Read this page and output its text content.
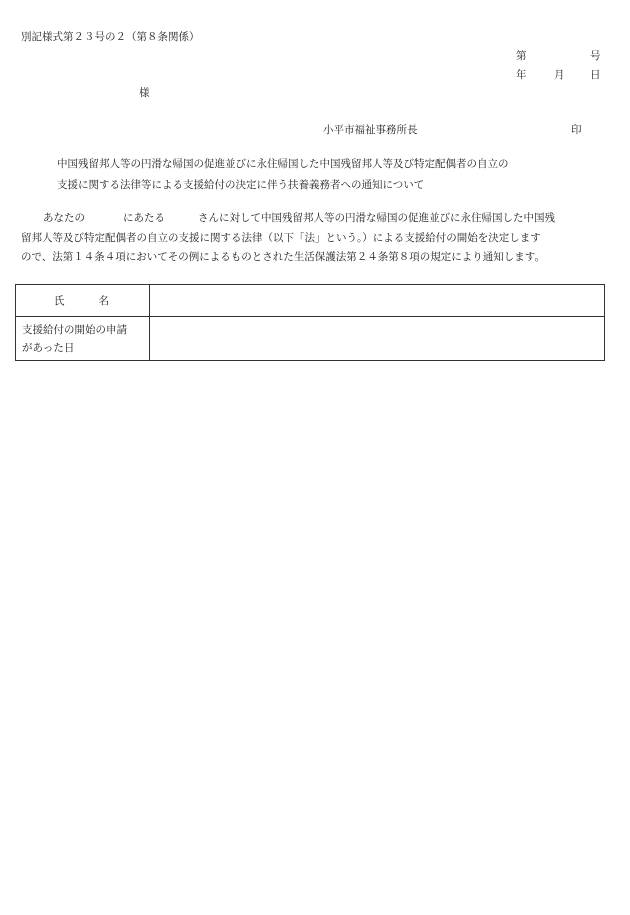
別記様式第２３号の２（第８条関係）
第	号
年	月 日
様
小平市福祉事務所長	印
中国残留邦人等の円滑な帰国の促進並びに永住帰国した中国残留邦人等及び特定配偶者の自立の
支援に関する法律等による支援給付の決定に伴う扶養義務者への通知について
あなたの	にあたる	さんに対して中国残留邦人等の円滑な帰国の促進並びに永住帰国した中国残
留邦人等及び特定配偶者の自立の支援に関する法律（以下「法」という。）による支援給付の開始を決定します
ので、法第１４条４項においてその例によるものとされた生活保護法第２４条第８項の規定により通知します。
氏 名	

支援給付の開始の申請
があった日	
